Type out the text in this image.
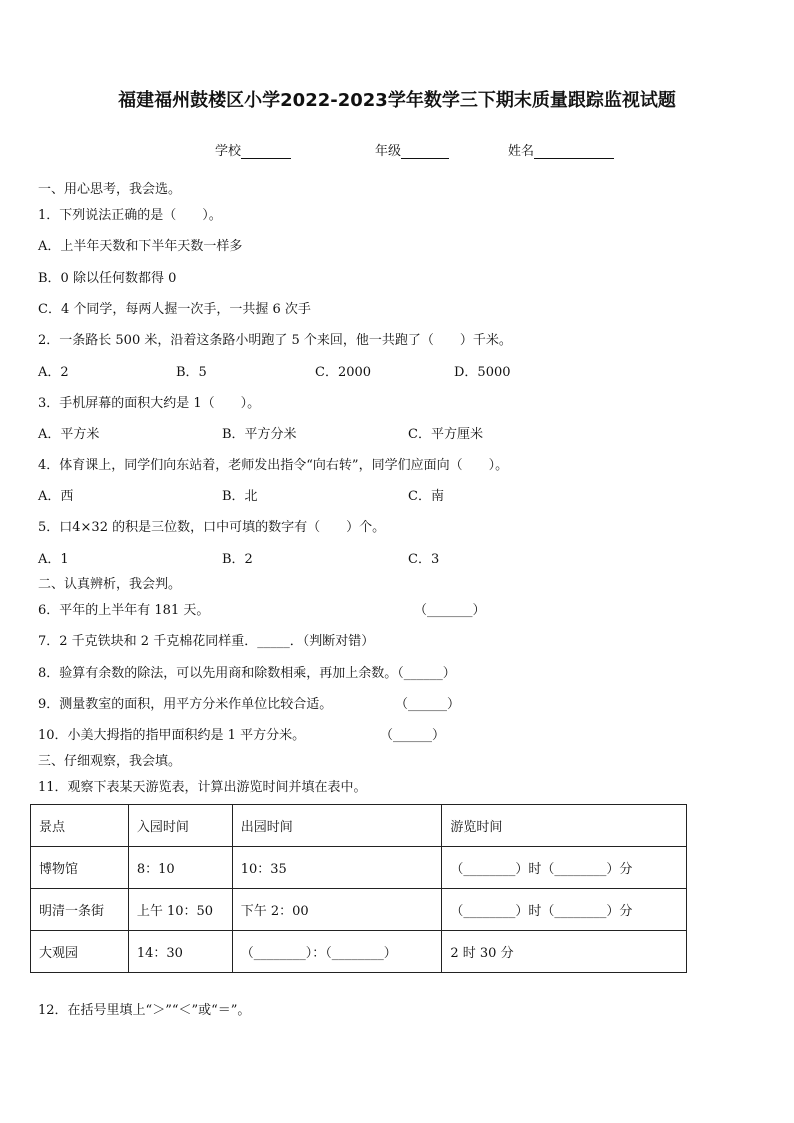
福建福州鼓楼区小学2022-2023学年数学三下期末质量跟踪监视试题
学校	年级	姓名
一、用心思考，我会选。
1．下列说法正确的是（　　）。
A．上半年天数和下半年天数一样多
B．0 除以任何数都得 0
C．4 个同学，每两人握一次手，一共握 6 次手
2．一条路长 500 米，沿着这条路小明跑了 5 个来回，他一共跑了（　　）千米。
A．2	B．5	C．2000	D．5000
3．手机屏幕的面积大约是 1（　　）。
A．平方米	B．平方分米	C．平方厘米
4．体育课上，同学们向东站着，老师发出指令“向右转”，同学们应面向（　　）。
A．西	B．北	C．南
5．口4×32 的积是三位数，口中可填的数字有（　　）个。
A．1	B．2	C．3
二、认真辨析，我会判。
6．平年的上半年有 181 天。	（_______）
7．2 千克铁块和 2 千克棉花同样重．_____．（判断对错）
8．验算有余数的除法，可以先用商和除数相乘，再加上余数。（______）
9．测量教室的面积，用平方分米作单位比较合适。	（______）
10．小美大拇指的指甲面积约是 1 平方分米。	（______）
三、仔细观察，我会填。
11．观察下表某天游览表，计算出游览时间并填在表中。
景点	入园时间	出园时间	游览时间
博物馆	8：10	10：35	（________）时（________）分
明清一条街	上午 10：50	下午 2：00	（________）时（________）分
大观园	14：30	（________）：（________）	2 时 30 分
12．在括号里填上“＞”“＜”或“＝”。
